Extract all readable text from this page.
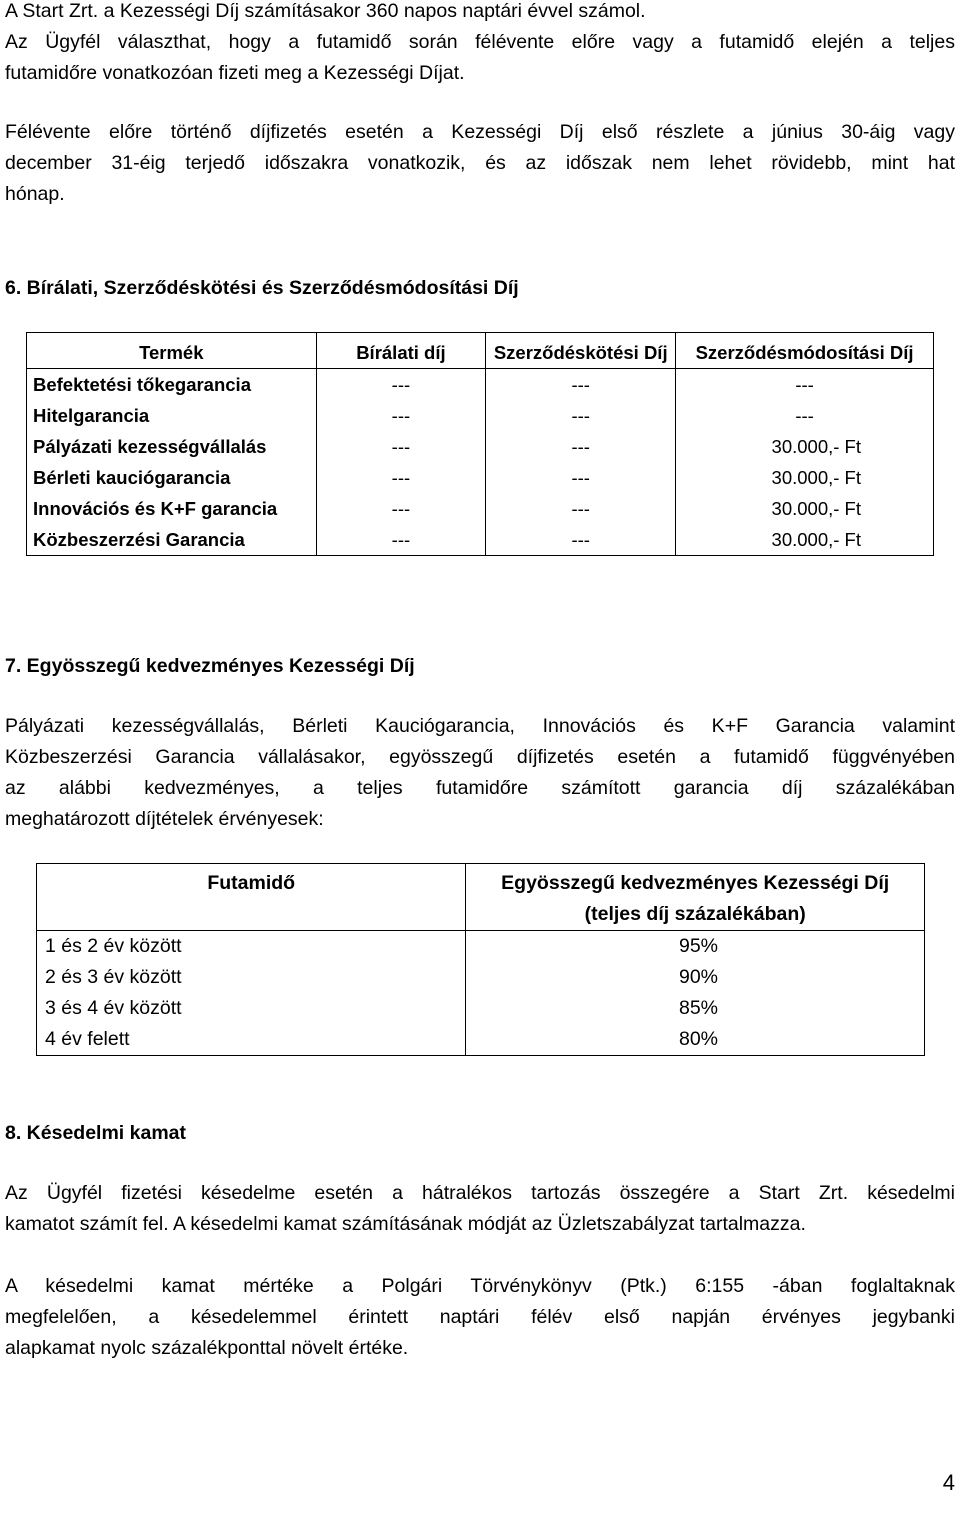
A Start Zrt. a Kezességi Díj számításakor 360 napos naptári évvel számol.
Az Ügyfél választhat, hogy a futamidő során félévente előre vagy a futamidő elején a teljes
futamidőre vonatkozóan fizeti meg a Kezességi Díjat.
Félévente előre történő díjfizetés esetén a Kezességi Díj első részlete a június 30-áig vagy
december 31-éig terjedő időszakra vonatkozik, és az időszak nem lehet rövidebb, mint hat
hónap.
6. Bírálati, Szerződéskötési és Szerződésmódosítási Díj
Termék	Bírálati díj	Szerződéskötési Díj	Szerződésmódosítási Díj
Befektetési tőkegarancia	---	---	---
Hitelgarancia	---	---	---
Pályázati kezességvállalás	---	---	30.000,- Ft
Bérleti kauciógarancia	---	---	30.000,- Ft
Innovációs és K+F garancia	---	---	30.000,- Ft
Közbeszerzési Garancia	---	---	30.000,- Ft
7. Egyösszegű kedvezményes Kezességi Díj
Pályázati kezességvállalás, Bérleti Kauciógarancia, Innovációs és K+F Garancia valamint
Közbeszerzési Garancia vállalásakor, egyösszegű díjfizetés esetén a futamidő függvényében
az alábbi kedvezményes, a teljes futamidőre számított garancia díj százalékában
meghatározott díjtételek érvényesek:
Futamidő	Egyösszegű kedvezményes Kezességi Díj
(teljes díj százalékában)

1 és 2 év között	95%
2 és 3 év között	90%
3 és 4 év között	85%
4 év felett	80%
8. Késedelmi kamat
Az Ügyfél fizetési késedelme esetén a hátralékos tartozás összegére a Start Zrt. késedelmi
kamatot számít fel. A késedelmi kamat számításának módját az Üzletszabályzat tartalmazza.
A késedelmi kamat mértéke a Polgári Törvénykönyv (Ptk.) 6:155 -ában foglaltaknak
megfelelően, a késedelemmel érintett naptári félév első napján érvényes jegybanki
alapkamat nyolc százalékponttal növelt értéke.
4
